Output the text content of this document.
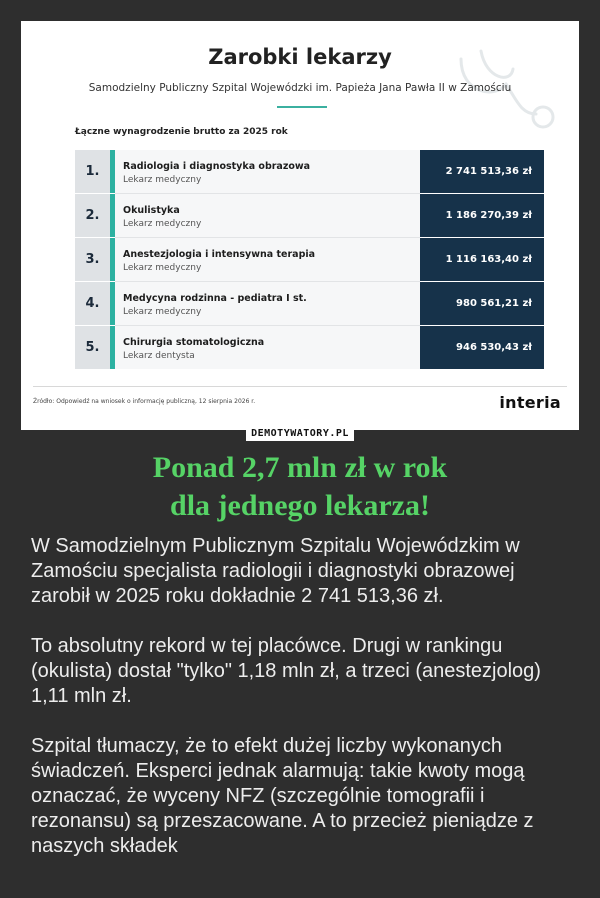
Zarobki lekarzy
Samodzielny Publiczny Szpital Wojewódzki im. Papieża Jana Pawła II w Zamościu
Łączne wynagrodzenie brutto za 2025 rok
1.	Radiologia i diagnostyka obrazowa
Lekarz medyczny
2 741 513,36 zł
2.	Okulistyka
Lekarz medyczny
1 186 270,39 zł
3.	Anestezjologia i intensywna terapia
Lekarz medyczny
1 116 163,40 zł
4.	Medycyna rodzinna - pediatra I st.
Lekarz medyczny
980 561,21 zł
5.	Chirurgia stomatologiczna
Lekarz dentysta
946 530,43 zł
Źródło: Odpowiedź na wniosek o informację publiczną, 12 sierpnia 2026 r.	interia
DEMOTYWATORY.PL
Ponad 2,7 mln zł w rok
dla jednego lekarza!

W Samodzielnym Publicznym Szpitalu Wojewódzkim w Zamościu specjalista radiologii i diagnostyki obrazowej zarobił w 2025 roku dokładnie 2 741 513,36 zł.

To absolutny rekord w tej placówce. Drugi w rankingu (okulista) dostał "tylko" 1,18 mln zł, a trzeci (anestezjolog) 1,11 mln zł.

Szpital tłumaczy, że to efekt dużej liczby wykonanych świadczeń. Eksperci jednak alarmują: takie kwoty mogą oznaczać, że wyceny NFZ (szczególnie tomografii i rezonansu) są przeszacowane. A to przecież pieniądze z naszych składek
